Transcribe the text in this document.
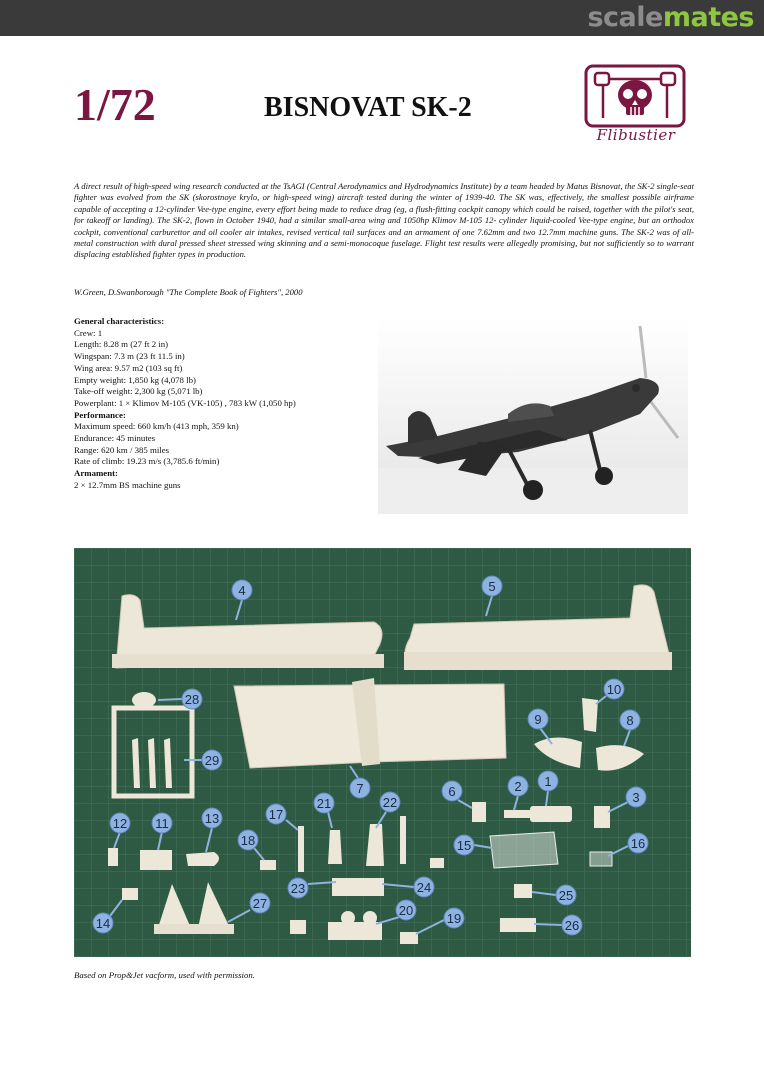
scalemates
1/72	BISNOVAT SK-2
Flibustier
A direct result of high-speed wing research conducted at the TsAGI (Central Aerodynamics and Hydrodynamics Institute) by a team headed by Matus Bisnovat, the SK-2 single-seat fighter was evolved from the SK (skorostnoye krylo, or high-speed wing) aircraft tested during the winter of 1939-40. The SK was, effectively, the smallest possible airframe capable of accepting a 12-cylinder Vee-type engine, every effort being made to reduce drag (eg, a flush-fitting cockpit canopy which could be raised, together with the pilot's seat, for takeoff or landing). The SK-2, flown in October 1940, had a similar small-area wing and 1050hp Klimov M-105 12- cylinder liquid-cooled Vee-type engine, but an orthodox cockpit, conventional carburettor and oil cooler air intakes, revised vertical tail surfaces and an armament of one 7.62mm and two 12.7mm machine guns. The SK-2 was of all-metal construction with dural pressed sheet stressed wing skinning and a semi-monocoque fuselage. Flight test results were allegedly promising, but not sufficiently so to warrant displacing established fighter types in production.
W.Green, D.Swanborough "The Complete Book of Fighters", 2000
General characteristics:
Crew: 1
Length: 8.28 m (27 ft 2 in)
Wingspan: 7.3 m (23 ft 11.5 in)
Wing area: 9.57 m2 (103 sq ft)
Empty weight: 1,850 kg (4,078 lb)
Take-off weight: 2,300 kg (5,071 lb)
Powerplant: 1 × Klimov M-105 (VK-105) , 783 kW (1,050 hp)
Performance:
Maximum speed: 660 km/h (413 mph, 359 kn)
Endurance: 45 minutes
Range: 620 km / 385 miles
Rate of climb: 19.23 m/s (3,785.6 ft/min)
Armament:
2 × 12.7mm BS machine guns
4	5
28
10
9	8
29
7	6	2 1
3
17
21	22
12 11	13
18	15	16
23	24
25
14
27	20
19	26
Based on Prop&Jet vacform, used with permission.
